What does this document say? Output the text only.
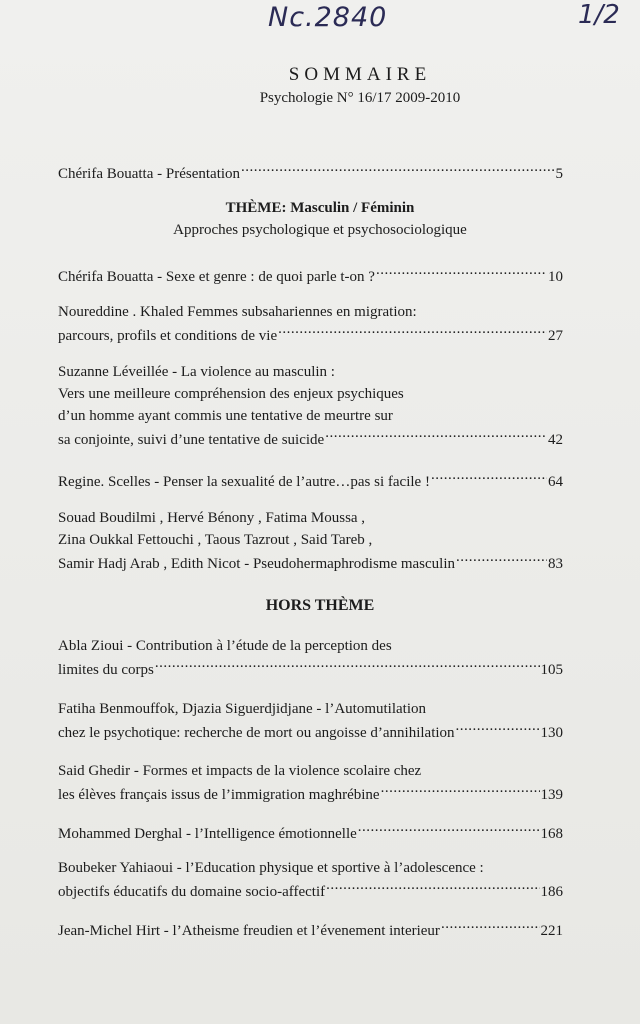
Nc.2840	1/2
SOMMAIRE
Psychologie N° 16/17 2009-2010
Chérifa Bouatta - Présentation .....	5
THÈME: Masculin / Féminin
Approches psychologique et psychosociologique
Chérifa Bouatta - Sexe et genre : de quoi parle t-on ? .....	10
Noureddine . Khaled Femmes subsahariennes en migration:
parcours, profils et conditions de vie .....	27
Suzanne Léveillée - La violence au masculin :
Vers une meilleure compréhension des enjeux psychiques
d’un homme ayant commis une tentative de meurtre sur
sa conjointe, suivi d’une tentative de suicide .....	42
Regine. Scelles - Penser la sexualité de l’autre…pas si facile ! .....	64
Souad Boudilmi , Hervé Bénony , Fatima Moussa ,
Zina Oukkal Fettouchi , Taous Tazrout , Said Tareb ,
Samir Hadj Arab , Edith Nicot - Pseudohermaphrodisme masculin .....	83
HORS THÈME
Abla Zioui - Contribution à l’étude de la perception des
limites du corps .....	105
Fatiha Benmouffok, Djazia Siguerdjidjane - l’Automutilation
chez le psychotique: recherche de mort ou angoisse d’annihilation .....	130
Said Ghedir - Formes et impacts de la violence scolaire chez
les élèves français issus de l’immigration maghrébine .....	139
Mohammed Derghal - l’Intelligence émotionnelle .....	168
Boubeker Yahiaoui - l’Education physique et sportive à l’adolescence :
objectifs éducatifs du domaine socio-affectif .....	186
Jean-Michel Hirt - l’Atheisme freudien et l’évenement interieur .....	221
